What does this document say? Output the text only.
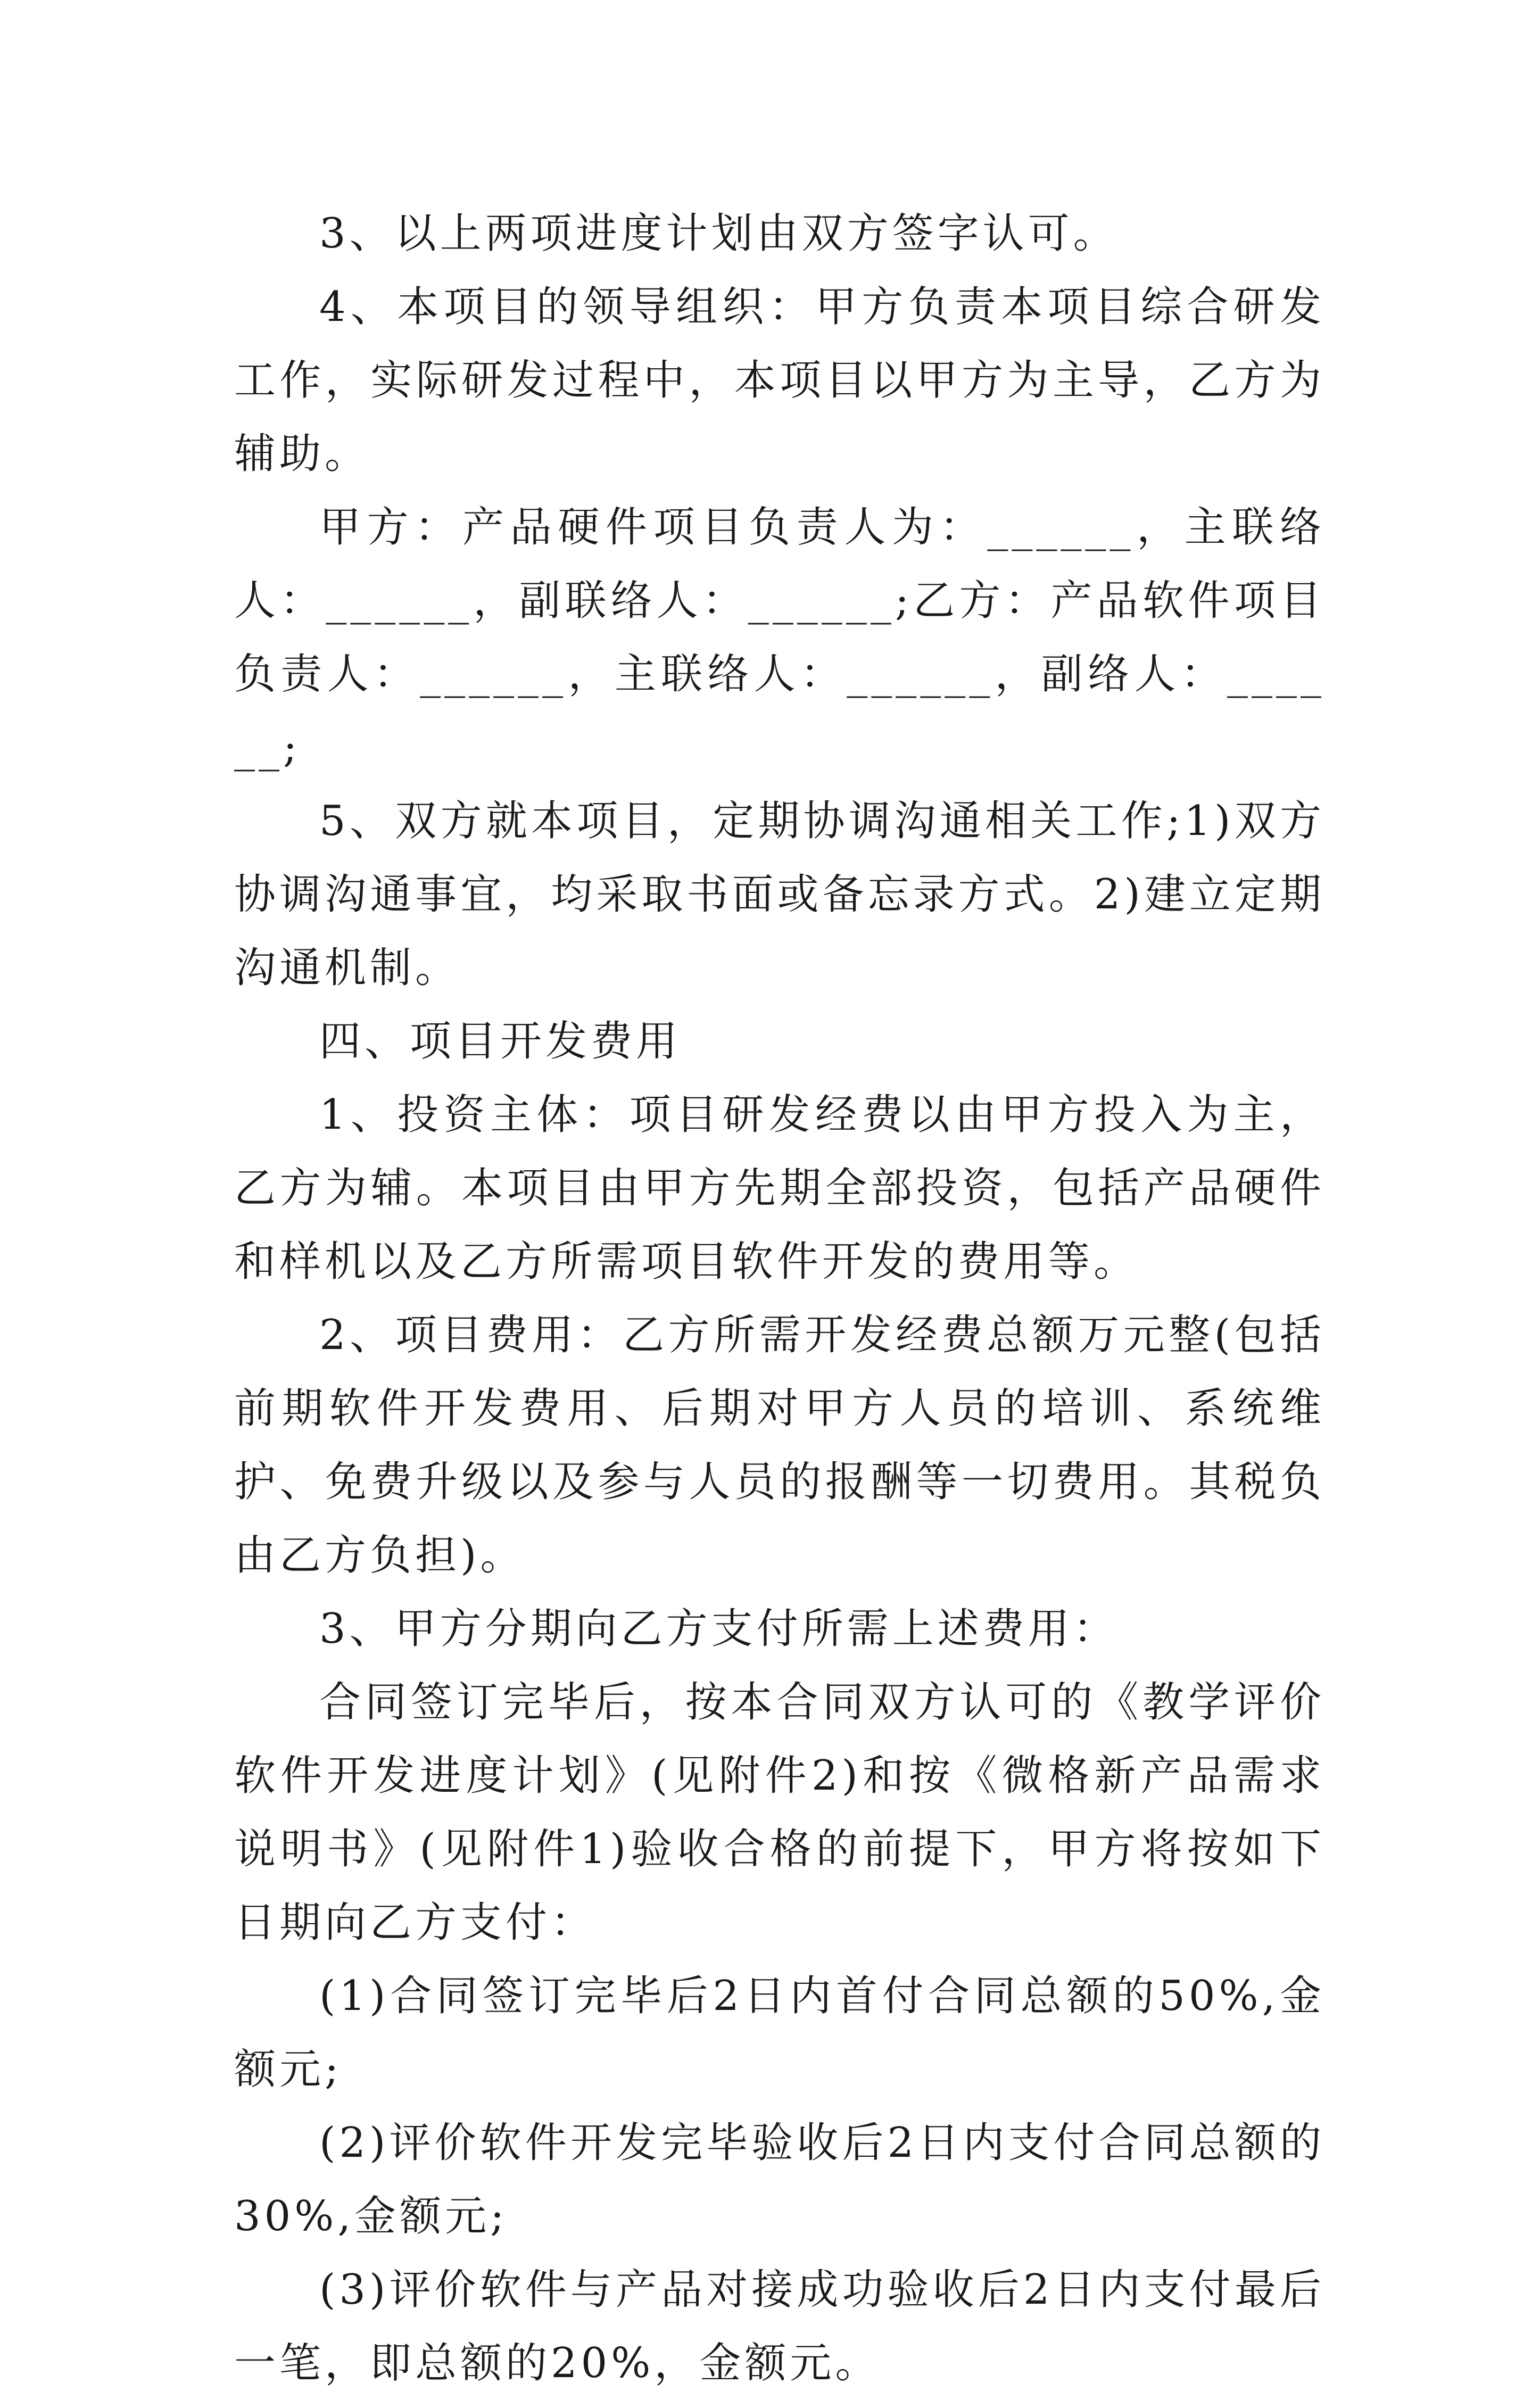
3、以上两项进度计划由双方签字认可。

4、本项目的领导组织：甲方负责本项目综合研发工作，实际研发过程中，本项目以甲方为主导，乙方为辅助。

甲方：产品硬件项目负责人为：______，主联络人：______，副联络人：______;乙方：产品软件项目负责人：______，主联络人：______，副络人：______;

5、双方就本项目，定期协调沟通相关工作;1)双方协调沟通事宜，均采取书面或备忘录方式。2)建立定期沟通机制。

四、项目开发费用

1、投资主体：项目研发经费以由甲方投入为主，乙方为辅。本项目由甲方先期全部投资，包括产品硬件和样机以及乙方所需项目软件开发的费用等。

2、项目费用：乙方所需开发经费总额万元整(包括前期软件开发费用、后期对甲方人员的培训、系统维护、免费升级以及参与人员的报酬等一切费用。其税负由乙方负担)。

3、甲方分期向乙方支付所需上述费用：

合同签订完毕后，按本合同双方认可的《教学评价软件开发进度计划》(见附件2)和按《微格新产品需求说明书》(见附件1)验收合格的前提下，甲方将按如下日期向乙方支付：

(1)合同签订完毕后2日内首付合同总额的50%,金额元;

(2)评价软件开发完毕验收后2日内支付合同总额的30%,金额元;

(3)评价软件与产品对接成功验收后2日内支付最后一笔，即总额的20%，金额元。
